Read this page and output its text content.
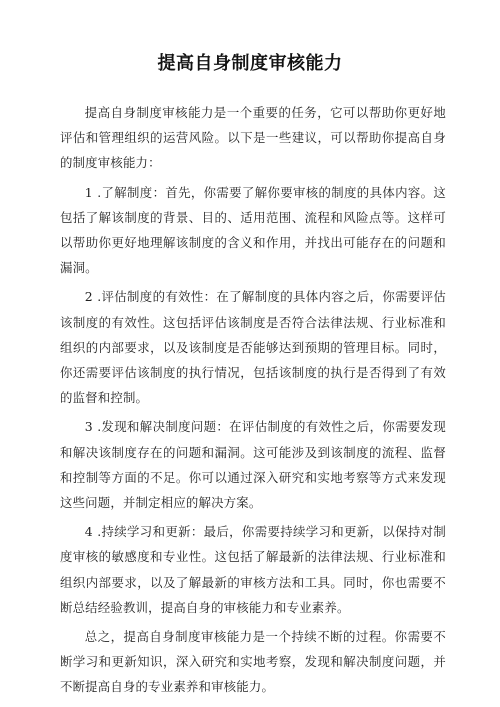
提高自身制度审核能力

提高自身制度审核能力是一个重要的任务，它可以帮助你更好地评估和管理组织的运营风险。以下是一些建议，可以帮助你提高自身的制度审核能力：

1 .了解制度：首先，你需要了解你要审核的制度的具体内容。这包括了解该制度的背景、目的、适用范围、流程和风险点等。这样可以帮助你更好地理解该制度的含义和作用，并找出可能存在的问题和漏洞。

2 .评估制度的有效性：在了解制度的具体内容之后，你需要评估该制度的有效性。这包括评估该制度是否符合法律法规、行业标准和组织的内部要求，以及该制度是否能够达到预期的管理目标。同时，你还需要评估该制度的执行情况，包括该制度的执行是否得到了有效的监督和控制。

3 .发现和解决制度问题：在评估制度的有效性之后，你需要发现和解决该制度存在的问题和漏洞。这可能涉及到该制度的流程、监督和控制等方面的不足。你可以通过深入研究和实地考察等方式来发现这些问题，并制定相应的解决方案。

4 .持续学习和更新：最后，你需要持续学习和更新，以保持对制度审核的敏感度和专业性。这包括了解最新的法律法规、行业标准和组织内部要求，以及了解最新的审核方法和工具。同时，你也需要不断总结经验教训，提高自身的审核能力和专业素养。

总之，提高自身制度审核能力是一个持续不断的过程。你需要不断学习和更新知识，深入研究和实地考察，发现和解决制度问题，并不断提高自身的专业素养和审核能力。
